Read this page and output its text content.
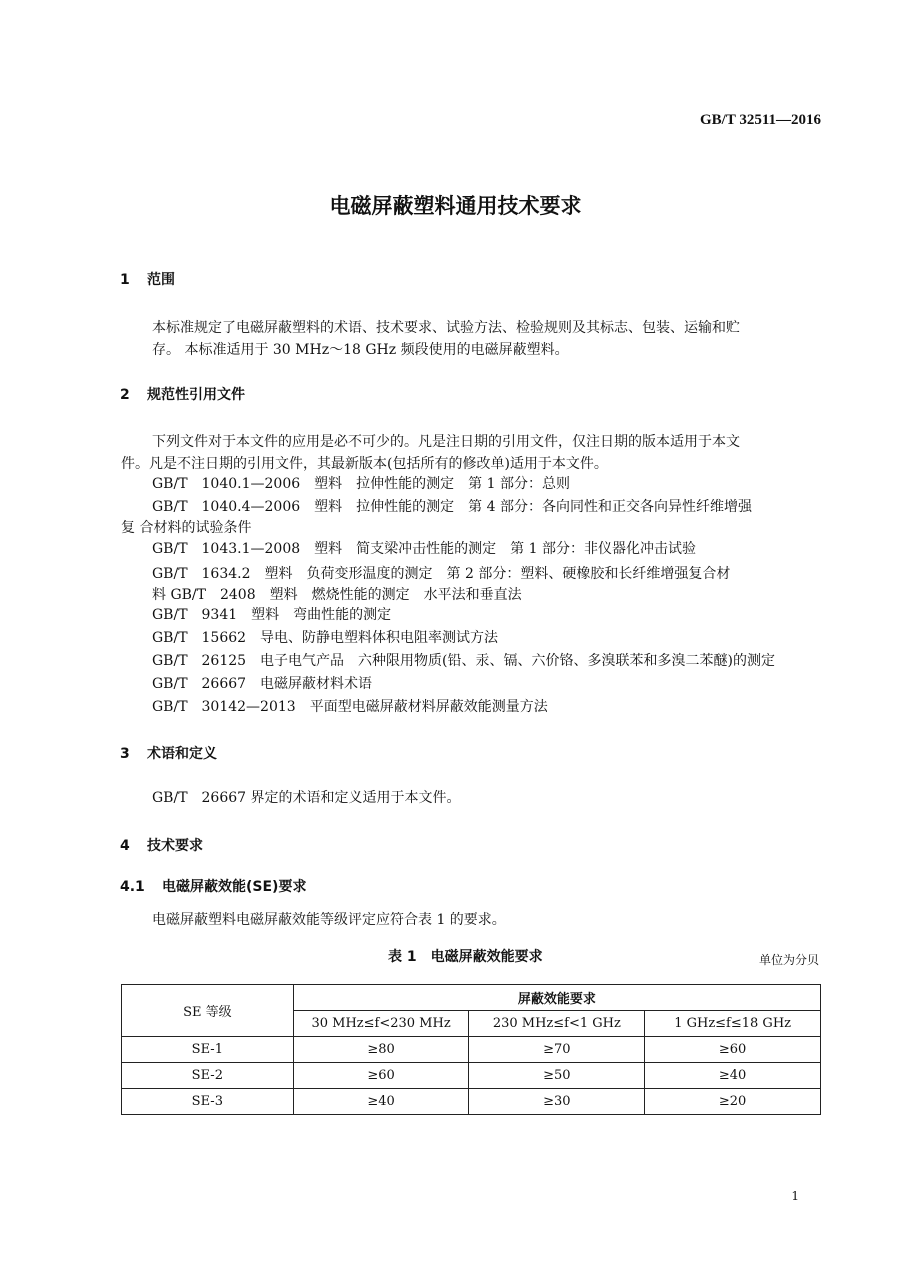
GB/T 32511—2016
电磁屏蔽塑料通用技术要求
1 范围
本标准规定了电磁屏蔽塑料的术语、技术要求、试验方法、检验规则及其标志、包装、运输和贮
存。 本标准适用于 30 MHz～18 GHz 频段使用的电磁屏蔽塑料。
2 规范性引用文件
下列文件对于本文件的应用是必不可少的。凡是注日期的引用文件，仅注日期的版本适用于本文
件。凡是不注日期的引用文件，其最新版本(包括所有的修改单)适用于本文件。
GB/T　1040.1—2006　塑料　拉伸性能的测定　第 1 部分：总则
GB/T　1040.4—2006　塑料　拉伸性能的测定　第 4 部分：各向同性和正交各向异性纤维增强
复 合材料的试验条件
GB/T　1043.1—2008　塑料　简支梁冲击性能的测定　第 1 部分：非仪器化冲击试验
GB/T　1634.2　塑料　负荷变形温度的测定　第 2 部分：塑料、硬橡胶和长纤维增强复合材
料 GB/T　2408　塑料　燃烧性能的测定　水平法和垂直法
GB/T　9341　塑料　弯曲性能的测定
GB/T　15662　导电、防静电塑料体积电阻率测试方法
GB/T　26125　电子电气产品　六种限用物质(铅、汞、镉、六价铬、多溴联苯和多溴二苯醚)的测定
GB/T　26667　电磁屏蔽材料术语
GB/T　30142—2013　平面型电磁屏蔽材料屏蔽效能测量方法
3 术语和定义
GB/T　26667 界定的术语和定义适用于本文件。
4 技术要求
4.1 电磁屏蔽效能(SE)要求
电磁屏蔽塑料电磁屏蔽效能等级评定应符合表 1 的要求。
表 1　电磁屏蔽效能要求	单位为分贝
SE 等级	屏蔽效能要求		
	30 MHz≤f<230 MHz	230 MHz≤f<1 GHz	1 GHz≤f≤18 GHz
SE-1	≥80	≥70	≥60
SE-2	≥60	≥50	≥40
SE-3	≥40	≥30	≥20
1
